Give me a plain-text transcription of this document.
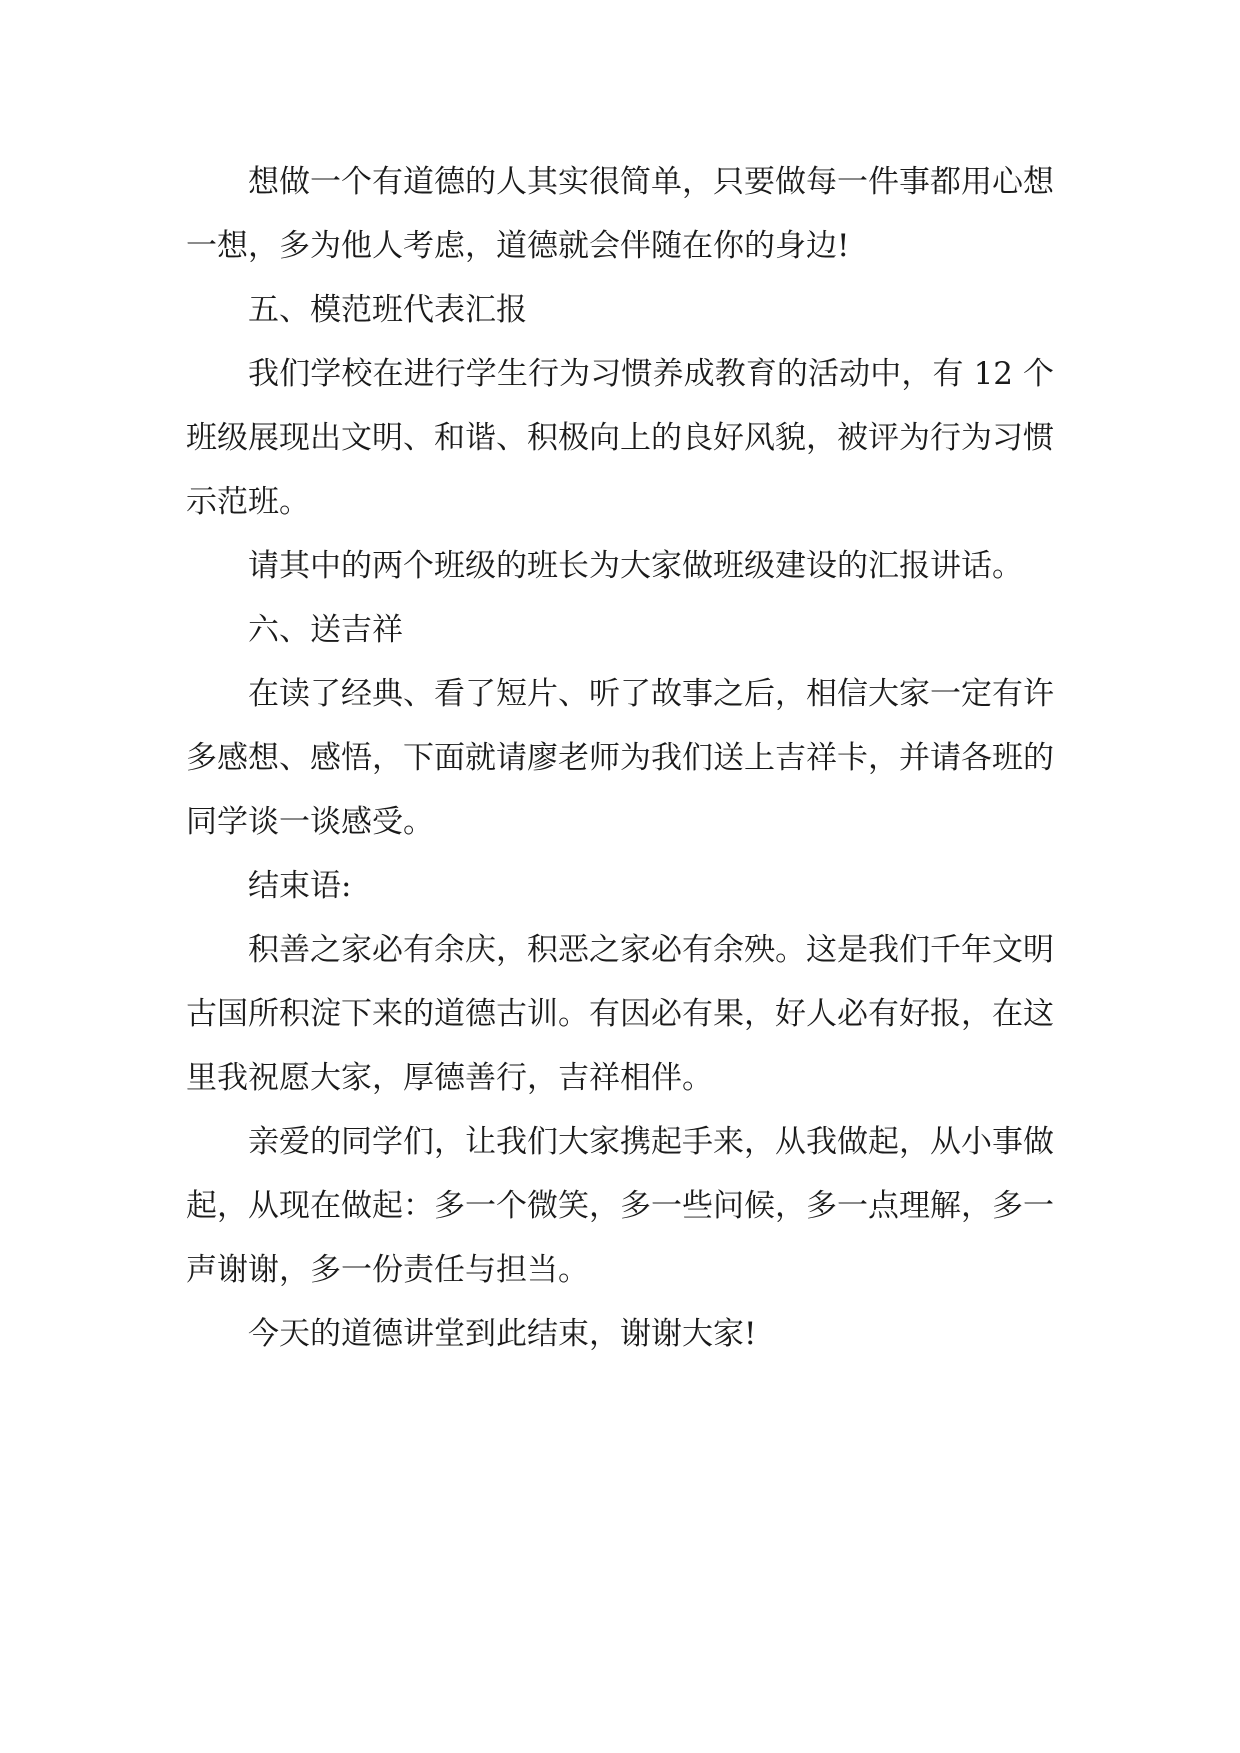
想做一个有道德的人其实很简单，只要做每一件事都用心想一想，多为他人考虑，道德就会伴随在你的身边!

五、模范班代表汇报

我们学校在进行学生行为习惯养成教育的活动中，有 12 个班级展现出文明、和谐、积极向上的良好风貌，被评为行为习惯示范班。

请其中的两个班级的班长为大家做班级建设的汇报讲话。

六、送吉祥

在读了经典、看了短片、听了故事之后，相信大家一定有许多感想、感悟，下面就请廖老师为我们送上吉祥卡，并请各班的同学谈一谈感受。

结束语:

积善之家必有余庆，积恶之家必有余殃。这是我们千年文明古国所积淀下来的道德古训。有因必有果，好人必有好报，在这里我祝愿大家，厚德善行，吉祥相伴。

亲爱的同学们，让我们大家携起手来，从我做起，从小事做起，从现在做起：多一个微笑，多一些问候，多一点理解，多一声谢谢，多一份责任与担当。

今天的道德讲堂到此结束，谢谢大家!
